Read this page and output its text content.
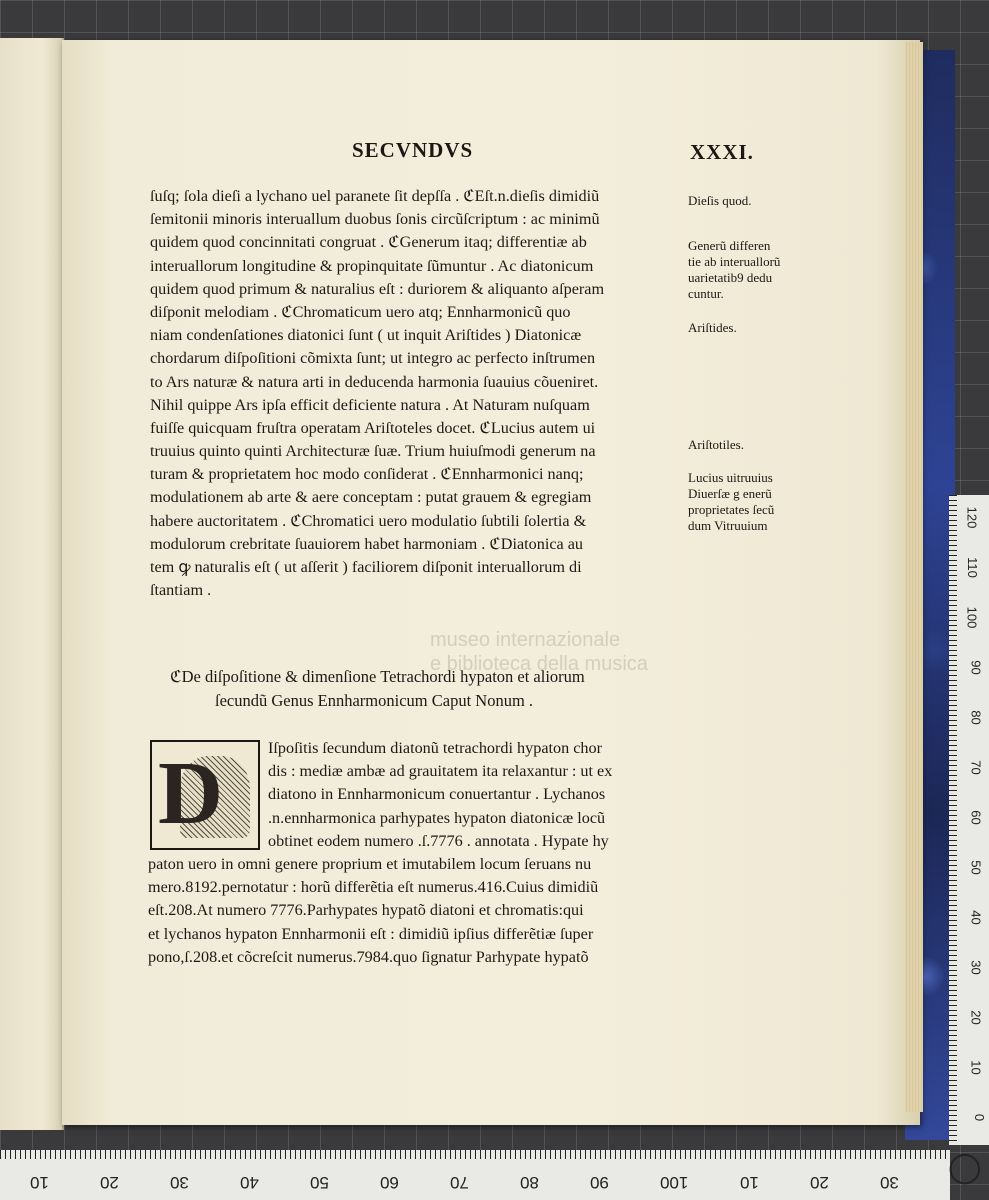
SECVNDVS	XXXI.
museo internazionale
e biblioteca della musica
ſuſq; ſola dieſi a lychano uel paranete ſit depſſa . ℭEſt.n.dieſis dimidiũ
ſemitonii minoris interuallum duobus ſonis circũſcriptum : ac minimũ
quidem quod concinnitati congruat . ℭGenerum itaq; differentiæ ab
interuallorum longitudine & propinquitate ſũmuntur . Ac diatonicum
quidem quod primum & naturalius eſt : duriorem & aliquanto aſperam
diſponit melodiam . ℭChromaticum uero atq; Ennharmonicũ quo
niam condenſationes diatonici ſunt ( ut inquit Ariſtides ) Diatonicæ
chordarum diſpoſitioni cõmixta ſunt; ut integro ac perfecto inſtrumen
to Ars naturæ & natura arti in deducenda harmonia ſuauius cõueniret.
Nihil quippe Ars ipſa efficit deficiente natura . At Naturam nuſquam
fuiſſe quicquam fruſtra operatam Ariſtoteles docet. ℭLucius autem ui
truuius quinto quinti Architecturæ ſuæ. Trium huiuſmodi generum na
turam & proprietatem hoc modo conſiderat . ℭEnnharmonici nanq;
modulationem ab arte & aere conceptam : putat grauem & egregiam
habere auctoritatem . ℭChromatici uero modulatio ſubtili ſolertia &
modulorum crebritate ſuauiorem habet harmoniam . ℭDiatonica au
tem ꝙ naturalis eſt ( ut aſſerit ) faciliorem diſponit interuallorum di
ſtantiam .
Dieſis quod.
Generũ differen
tie ab interuallorũ
uarietatib9 dedu
cuntur.
Ariſtides.
Ariſtotiles.
Lucius uitruuius
Diuerſæ g enerũ
proprietates ſecũ
dum Vitruuium
ℭDe diſpoſitione & dimenſione Tetrachordi hypaton et aliorum
ſecundũ Genus Ennharmonicum Caput Nonum .
D	Iſpoſitis ſecundum diatonũ tetrachordi hypaton chor
dis : mediæ ambæ ad grauitatem ita relaxantur : ut ex
diatono in Ennharmonicum conuertantur . Lychanos
.n.ennharmonica parhypates hypaton diatonicæ locũ
obtinet eodem numero .ſ.7776 . annotata . Hypate hy
paton uero in omni genere proprium et imutabilem locum ſeruans nu
mero.8192.pernotatur : horũ differẽtia eſt numerus.416.Cuius dimidiũ
eſt.208.At numero 7776.Parhypates hypatõ diatoni et chromatis:qui
et lychanos hypaton Ennharmonii eſt : dimidiũ ipſius differẽtiæ ſuper
pono,ſ.208.et cõcreſcit numerus.7984.quo ſignatur Parhypate hypatõ
0
10
20
30
40
50
60
70
80
90
100
110
120
10	20	30	40	50	60	70	80	90	100	10	20	30 ◯
